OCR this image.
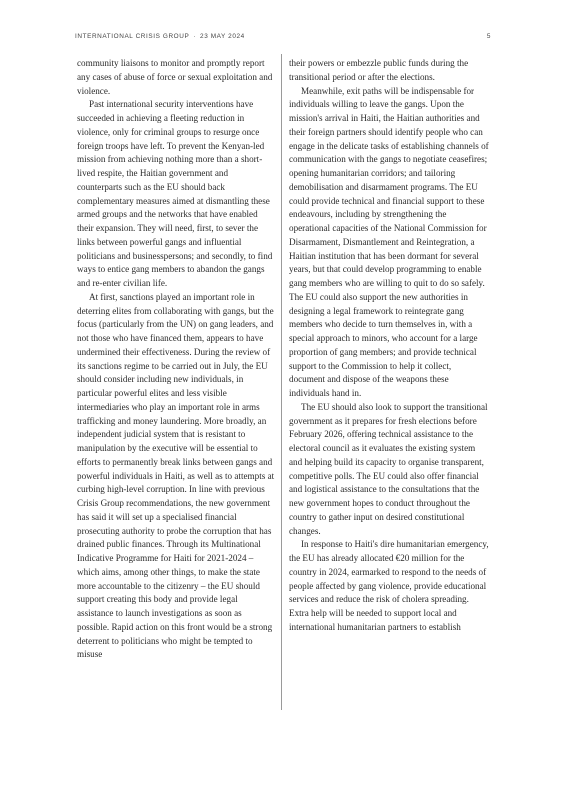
INTERNATIONAL CRISIS GROUP · 23 MAY 2024	5

community liaisons to monitor and promptly report any cases of abuse of force or sexual exploitation and violence.

Past international security interventions have succeeded in achieving a fleeting reduction in violence, only for criminal groups to resurge once foreign troops have left. To prevent the Kenyan-led mission from achieving nothing more than a short-lived respite, the Haitian government and counterparts such as the EU should back complementary measures aimed at dismantling these armed groups and the networks that have enabled their expansion. They will need, first, to sever the links between powerful gangs and influential politicians and businesspersons; and secondly, to find ways to entice gang members to abandon the gangs and re-enter civilian life.

At first, sanctions played an important role in deterring elites from collaborating with gangs, but the focus (particularly from the UN) on gang leaders, and not those who have financed them, appears to have undermined their effectiveness. During the review of its sanctions regime to be carried out in July, the EU should consider including new individuals, in particular powerful elites and less visible intermediaries who play an important role in arms trafficking and money laundering. More broadly, an independent judicial system that is resistant to manipulation by the executive will be essential to efforts to permanently break links between gangs and powerful individuals in Haiti, as well as to attempts at curbing high-level corruption. In line with previous Crisis Group recommendations, the new government has said it will set up a specialised financial prosecuting authority to probe the corruption that has drained public finances. Through its Multinational Indicative Programme for Haiti for 2021-2024 – which aims, among other things, to make the state more accountable to the citizenry – the EU should support creating this body and provide legal assistance to launch investigations as soon as possible. Rapid action on this front would be a strong deterrent to politicians who might be tempted to misuse

their powers or embezzle public funds during the transitional period or after the elections.

Meanwhile, exit paths will be indispensable for individuals willing to leave the gangs. Upon the mission's arrival in Haiti, the Haitian authorities and their foreign partners should identify people who can engage in the delicate tasks of establishing channels of communication with the gangs to negotiate ceasefires; opening humanitarian corridors; and tailoring demobilisation and disarmament programs. The EU could provide technical and financial support to these endeavours, including by strengthening the operational capacities of the National Commission for Disarmament, Dismantlement and Reintegration, a Haitian institution that has been dormant for several years, but that could develop programming to enable gang members who are willing to quit to do so safely. The EU could also support the new authorities in designing a legal framework to reintegrate gang members who decide to turn themselves in, with a special approach to minors, who account for a large proportion of gang members; and provide technical support to the Commission to help it collect, document and dispose of the weapons these individuals hand in.

The EU should also look to support the transitional government as it prepares for fresh elections before February 2026, offering technical assistance to the electoral council as it evaluates the existing system and helping build its capacity to organise transparent, competitive polls. The EU could also offer financial and logistical assistance to the consultations that the new government hopes to conduct throughout the country to gather input on desired constitutional changes.

In response to Haiti's dire humanitarian emergency, the EU has already allocated €20 million for the country in 2024, earmarked to respond to the needs of people affected by gang violence, provide educational services and reduce the risk of cholera spreading. Extra help will be needed to support local and international humanitarian partners to establish
